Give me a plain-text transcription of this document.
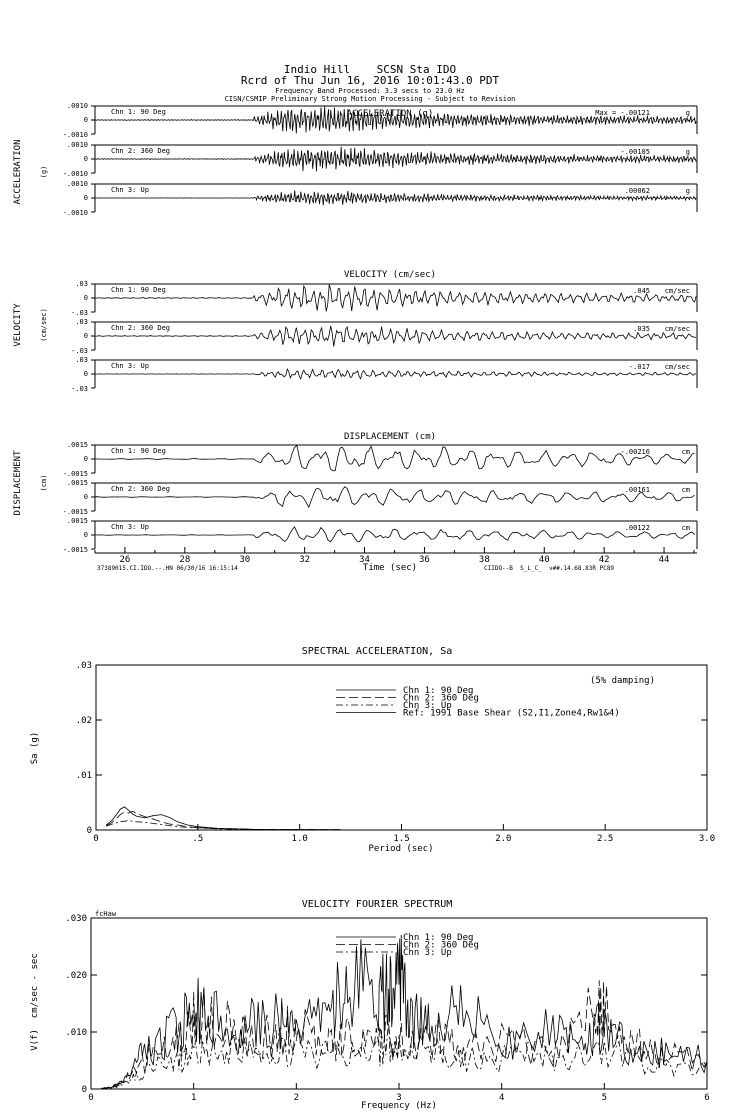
Indio Hill    SCSN Sta IDO
Rcrd of Thu Jun 16, 2016 10:01:43.0 PDT
Frequency Band Processed: 3.3 secs to 23.0 Hz
CISN/CSMIP Preliminary Strong Motion Processing - Subject to Revision
ACCELERATION (g)
ACCELERATION (g)
.0010
0
-.0010
Chn 1: 90 Deg	Max = -.00121	g
.0010
0
-.0010
Chn 2: 360 Deg	-.00105	g
.0010
0
-.0010
Chn 3: Up	.00062	g
VELOCITY (cm/sec)
VELOCITY (cm/sec)
.03
0
-.03
Chn 1: 90 Deg	.045 cm/sec
.03
0
-.03
Chn 2: 360 Deg	.035 cm/sec
.03
0
-.03
Chn 3: Up	-.017 cm/sec
DISPLACEMENT (cm)
DISPLACEMENT (cm)
.0015
0
-.0015
Chn 1: 90 Deg	-.00216	cm
.0015
0
-.0015
Chn 2: 360 Deg	.00161	cm
.0015
0
-.0015
Chn 3: Up	.00122	cm
26	28	30	32	34	36	38	40	42	44
Time (sec)
37389015.CI.IDO.--.HN 06/30/16 16:15:14	CIIDO--B  S_L_C_  v##.14.68.83R PC89
SPECTRAL ACCELERATION, Sa
0
.01
.02
.03
0	.5	1.0	1.5	2.0	2.5	3.0
(5% damping)
Chn 1: 90 Deg
Chn 2: 360 Deg
Chn 3: Up
Ref: 1991 Base Shear (S2,I1,Zone4,Rw1&4)
Period (sec)
Sa (g)
VELOCITY FOURIER SPECTRUM
fcHaw
0
.010
.020
.030
0	1	2	3	4	5	6
Chn 1: 90 Deg
Chn 2: 360 Deg
Chn 3: Up
Frequency (Hz)
V(f)  cm/sec - sec
